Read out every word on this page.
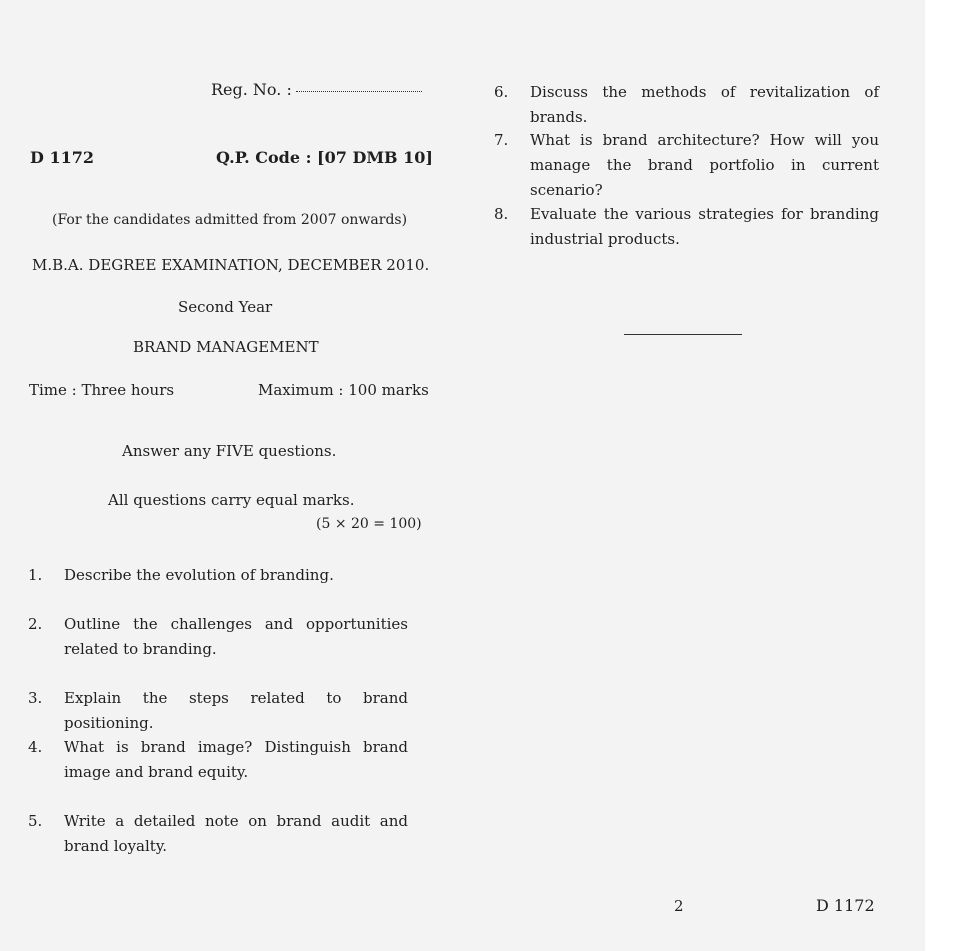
Reg. No. :
D 1172	Q.P. Code : [07 DMB 10]
(For the candidates admitted from 2007 onwards)
M.B.A. DEGREE EXAMINATION, DECEMBER 2010.
Second Year
BRAND MANAGEMENT
Time : Three hours	Maximum : 100 marks
Answer any FIVE questions.
All questions carry equal marks.
(5 × 20 = 100)
1.	Describe the evolution of branding.
2.	Outline the challenges and opportunities related to branding.
3.	Explain the steps related to brand positioning.
4.	What is brand image? Distinguish brand image and brand equity.
5.	Write a detailed note on brand audit and brand loyalty.
6.	Discuss the methods of revitalization of brands.
7.	What is brand architecture? How will you manage the brand portfolio in current scenario?
8.	Evaluate the various strategies for branding industrial products.
2	D 1172
